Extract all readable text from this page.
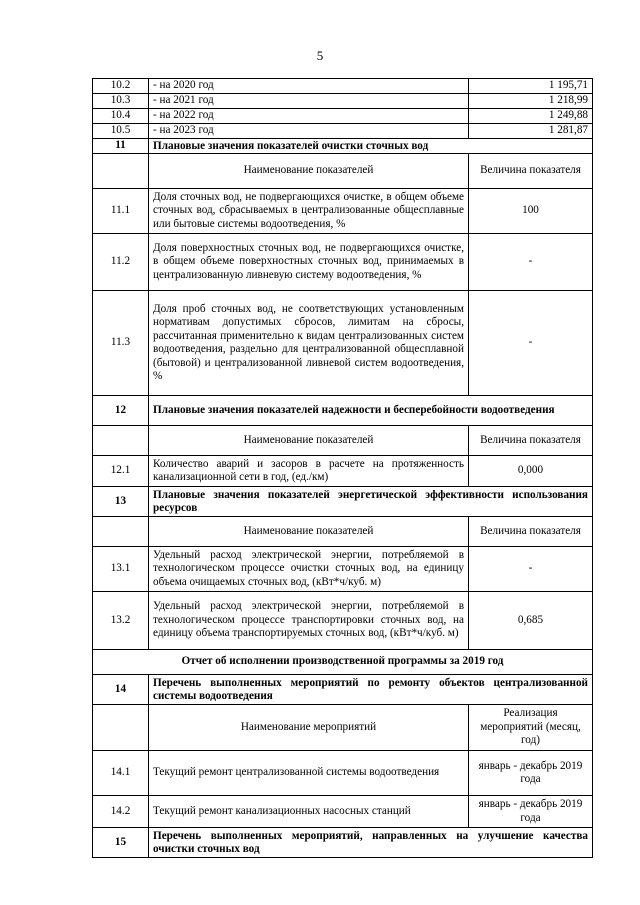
5
10.2	- на 2020 год	1 195,71
10.3	- на 2021 год	1 218,99
10.4	- на 2022 год	1 249,88
10.5	- на 2023 год	1 281,87
11	Плановые значения показателей очистки сточных вод	
	Наименование показателей	Величина показателя
11.1	Доля сточных вод, не подвергающихся очистке, в общем объеме сточных вод, сбрасываемых в централизованные общесплавные или бытовые системы водоотведения, %	100
11.2	Доля поверхностных сточных вод, не подвергающихся очистке, в общем объеме поверхностных сточных вод, принимаемых в централизованную ливневую систему водоотведения, %	-
11.3	Доля проб сточных вод, не соответствующих установленным нормативам допустимых сбросов, лимитам на сбросы, рассчитанная применительно к видам централизованных систем водоотведения, раздельно для централизованной общесплавной (бытовой) и централизованной ливневой систем водоотведения, %	-
12	Плановые значения показателей надежности и бесперебойности водоотведения	
	Наименование показателей	Величина показателя
12.1	Количество аварий и засоров в расчете на протяженность канализационной сети в год, (ед./км)	0,000
13	Плановые значения показателей энергетической эффективности использования ресурсов	
	Наименование показателей	Величина показателя
13.1	Удельный расход электрической энергии, потребляемой в технологическом процессе очистки сточных вод, на единицу объема очищаемых сточных вод, (кВт*ч/куб. м)	-
13.2	Удельный расход электрической энергии, потребляемой в технологическом процессе транспортировки сточных вод, на единицу объема транспортируемых сточных вод, (кВт*ч/куб. м)	0,685
Отчет об исполнении производственной программы за 2019 год		
14	Перечень выполненных мероприятий по ремонту объектов централизованной системы водоотведения	
	Наименование мероприятий	Реализация мероприятий (месяц, год)
14.1	Текущий ремонт централизованной системы водоотведения	январь - декабрь 2019 года
14.2	Текущий ремонт канализационных насосных станций	январь - декабрь 2019 года
15	Перечень выполненных мероприятий, направленных на улучшение качества очистки сточных вод	
